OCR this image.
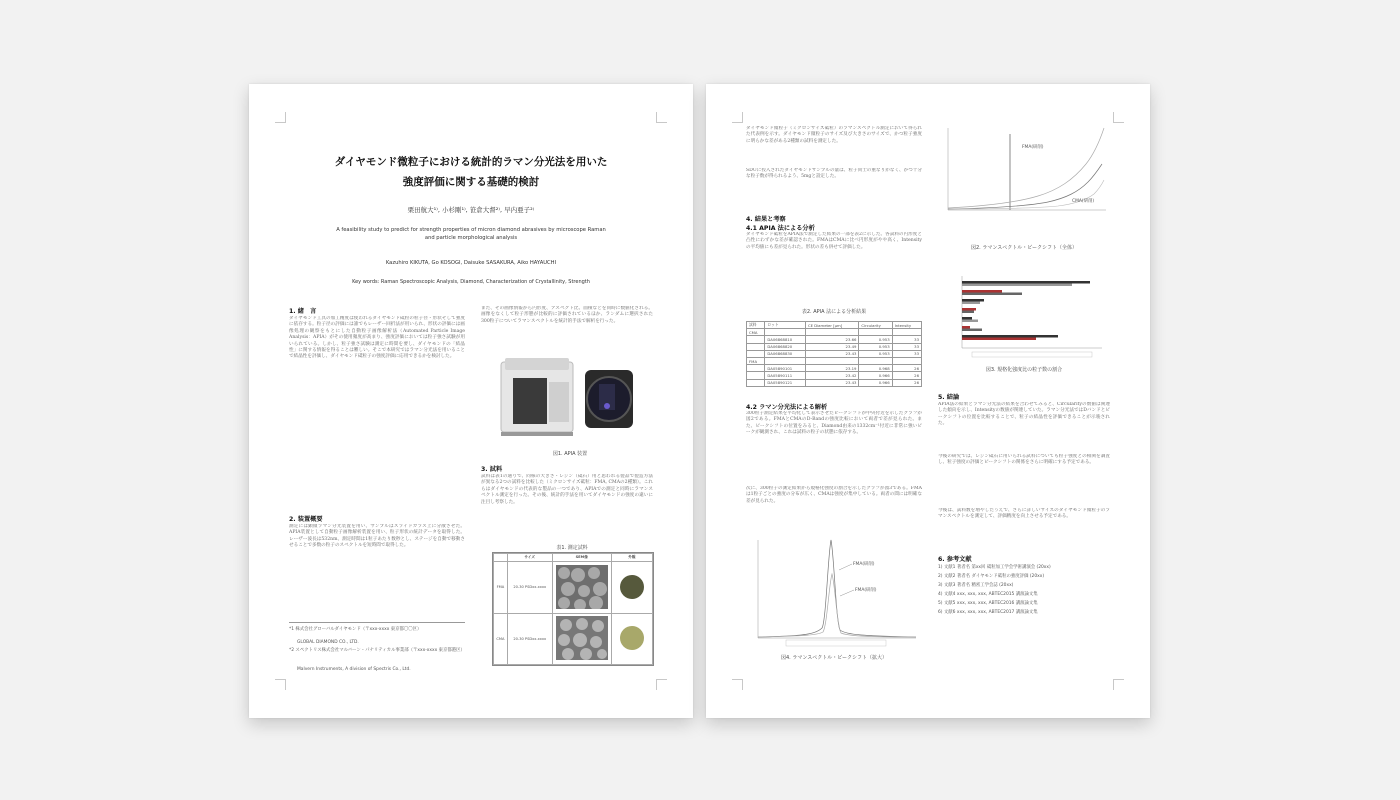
ダイヤモンド微粒子における統計的ラマン分光法を用いた
強度評価に関する基礎的検討
栗田航大¹⁾, 小杉剛¹⁾, 笹倉大督²⁾, 早内亜子²⁾
A feasibility study to predict for strength properties of micron diamond abrasives by microscope Raman
and particle morphological analysis
Kazuhiro KIKUTA, Go KOSOGI, Daisuke SASAKURA, Aiko HAYAUCHI
Key words: Raman Spectroscopic Analysis, Diamond, Characterization of Crystallinity, Strength
1. 緒　言
ダイヤモンド工具の加工精度は使われるダイヤモンド砥粒の粒子径・形状そして強度に依存する。粒子径の評価には誰でもレーザー回折法が用いられ、形状の評価には画像処理の観察をもとにした自動粒子画像解析法（Automated Particle Image Analysis：APIA）がその使用頻度が高まり、強度評価においては粒子強さ試験が用いられている。しかし、粒子強さ試験は測定に時間を要し、ダイヤモンドの「結晶性」に関する情報を得ることは難しい。そこで本研究ではラマン分光法を用いることで結晶性を評価し、ダイヤモンド砥粒子の強度評価に応用できるかを検討した。
2. 装置概要
測定には顕微ラマン分光装置を用い、サンプルはスライドガラス上に分散させた。APIA装置として自動粒子画像解析装置を用い、粒子形状の統計データを取得した。レーザー波長は532nm、測定時間は1粒子あたり数秒とし、ステージを自動で移動させることで多数の粒子のスペクトルを短時間で取得した。
*1 株式会社グローバルダイヤモンド（〒xxx-xxxx 東京都〇〇区）
GLOBAL DIAMOND CO., LTD.
*2 スペクトリス株式会社マルバーン・パナリティカル事業部（〒xxx-xxxx 東京都港区）
Malvern Instruments, A division of Spectris Co., Ltd.
また、その画像情報から円形度、アスペクト比、面積などを同時に数値化される。画像をなくして粒子形態が比較的に評価されているほか、ランダムに選択された300粒子についてラマンスペクトルを統計的手法で解析を行った。
図1. APIA 装置
3. 試料
試料は表1の通りで、同様の大きさ・レジン（砥石）用と思われる製品で製造方法が異なる2つの試料を比較した（ミクロンサイズ砥粒：FMA, CMAの2種類）。これらはダイヤモンドの代表的な製品の一つであり、APIAでの測定と同時にラマンスペクトル測定を行った。その後、統計的手法を用いてダイヤモンドの強度の違いに注目し考察した。
表1. 測定試料
	サイズ	SEM像	外観
FMA	20-30 PSDxx-xxxx		
CMA	20-30 PSDxx-xxxx		
ダイヤモンド微粒子（ミクロンサイズ砥粒）のラマンスペクトル測定において得られた代表例を示す。ダイヤモンド微粒子のサイズ及び大きさのサイズで、かつ粒子強度に明らかな差がある2種類の試料を測定した。
SDUに投入されたダイヤモンドサンプルの量は、粒子同士の重なりがなく、かつ十分な粒子数が得られるよう、5mgと設定した。
4. 結果と考察
4.1 APIA 法による分析
ダイヤモンド砥粒をAPIA法で測定した結果の一部を表2に示した。各試料の円形度と凸性にわずかな差が確認された。FMAはCMAに比べ円形度がやや高く、Intensityの平均値にも差が見られた。形状の差も併せて評価した。
表2. APIA 法による分析結果
試料	ロット	CE Diameter [μm]	Circularity	Intensity
CMA				
	DA06868810	23.66	0.953	33
	DA06868820	23.49	0.953	33
	DA06868830	23.43	0.953	33
FMA				
	DA05890101	23.19	0.968	26
	DA05890111	23.42	0.966	26
	DA05890121	23.43	0.966	26
4.2 ラマン分光法による解析
300粒子測定結果を平均化して表示させたピークシフトが中央付近を示したグラフが図2である。FMAとCMAのD-Bandの強度比較において両者で差が見られた。また、ピークシフトの位置をみると、Diamond由来の1332cm⁻¹付近に非常に強いピークが観測され、これは試料の粒子の状態に依存する。
次に、300粒子の測定結果から規格化強度の割合を示したグラフが図3である。FMAは1粒子ごとの強度の分布が広く、CMAは強度が集中している。両者の間には明確な差が見られた。
FMA(研削)
FMA(研削)
図4. ラマンスペクトル・ピークシフト（拡大）
FMA(研削)
CMA(研削)
図2. ラマンスペクトル・ピークシフト（全体）
図3. 規格化強度比の粒子数の割合
5. 結論
APIA法の結果とラマン分光法の結果を合わせてみると、Circularityの数値は関連した傾向を示し、Intensityの数値が関連していた。ラマン分光法ではDバンドとピークシフトの位置を比較することで、粒子の結晶性を評価できることが示唆された。
今後の研究では、レジン砥石に用いられる試料についても粒子強度との相関を調査し、粒子強度の評価とピークシフトの関係をさらに明確にする予定である。
今後は、試料数を増やしたうえで、さらに詳しいサイズのダイヤモンド微粒子のラマンスペクトルを測定して、評価精度を向上させる予定である。
6. 参考文献
1) 文献1 著者名 第xx回 砥粒加工学会学術講演会 (20xx)
2) 文献2 著者名 ダイヤモンド砥粒の強度評価 (20xx)
3) 文献3 著者名 精密工学会誌 (20xx)
4) 文献4 xxx, xxx, xxx, ABTEC2015 講演論文集
5) 文献5 xxx, xxx, xxx, ABTEC2016 講演論文集
6) 文献6 xxx, xxx, xxx, ABTEC2017 講演論文集
